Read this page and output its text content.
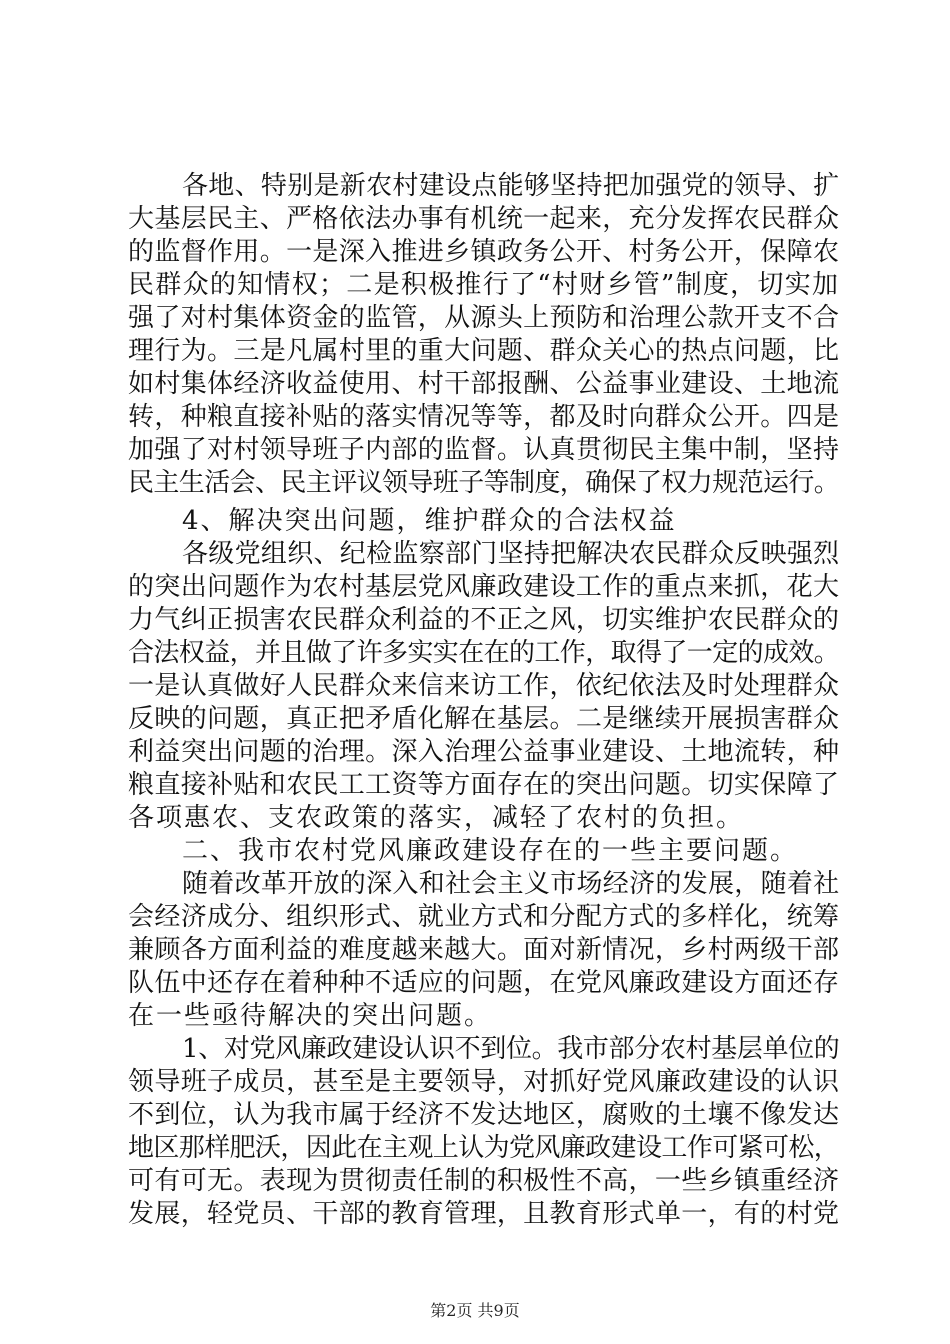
各地、特别是新农村建设点能够坚持把加强党的领导、扩
大基层民主、严格依法办事有机统一起来，充分发挥农民群众
的监督作用。一是深入推进乡镇政务公开、村务公开，保障农
民群众的知情权；二是积极推行了“村财乡管”制度，切实加
强了对村集体资金的监管，从源头上预防和治理公款开支不合
理行为。三是凡属村里的重大问题、群众关心的热点问题，比
如村集体经济收益使用、村干部报酬、公益事业建设、土地流
转，种粮直接补贴的落实情况等等，都及时向群众公开。四是
加强了对村领导班子内部的监督。认真贯彻民主集中制，坚持
民主生活会、民主评议领导班子等制度，确保了权力规范运行。
4、解决突出问题，维护群众的合法权益
各级党组织、纪检监察部门坚持把解决农民群众反映强烈
的突出问题作为农村基层党风廉政建设工作的重点来抓，花大
力气纠正损害农民群众利益的不正之风，切实维护农民群众的
合法权益，并且做了许多实实在在的工作，取得了一定的成效。
一是认真做好人民群众来信来访工作，依纪依法及时处理群众
反映的问题，真正把矛盾化解在基层。二是继续开展损害群众
利益突出问题的治理。深入治理公益事业建设、土地流转，种
粮直接补贴和农民工工资等方面存在的突出问题。切实保障了
各项惠农、支农政策的落实，减轻了农村的负担。
二、我市农村党风廉政建设存在的一些主要问题。
随着改革开放的深入和社会主义市场经济的发展，随着社
会经济成分、组织形式、就业方式和分配方式的多样化，统筹
兼顾各方面利益的难度越来越大。面对新情况，乡村两级干部
队伍中还存在着种种不适应的问题，在党风廉政建设方面还存
在一些亟待解决的突出问题。
1、对党风廉政建设认识不到位。我市部分农村基层单位的
领导班子成员，甚至是主要领导，对抓好党风廉政建设的认识
不到位，认为我市属于经济不发达地区，腐败的土壤不像发达
地区那样肥沃，因此在主观上认为党风廉政建设工作可紧可松，
可有可无。表现为贯彻责任制的积极性不高，一些乡镇重经济
发展，轻党员、干部的教育管理，且教育形式单一，有的村党
第2页 共9页
